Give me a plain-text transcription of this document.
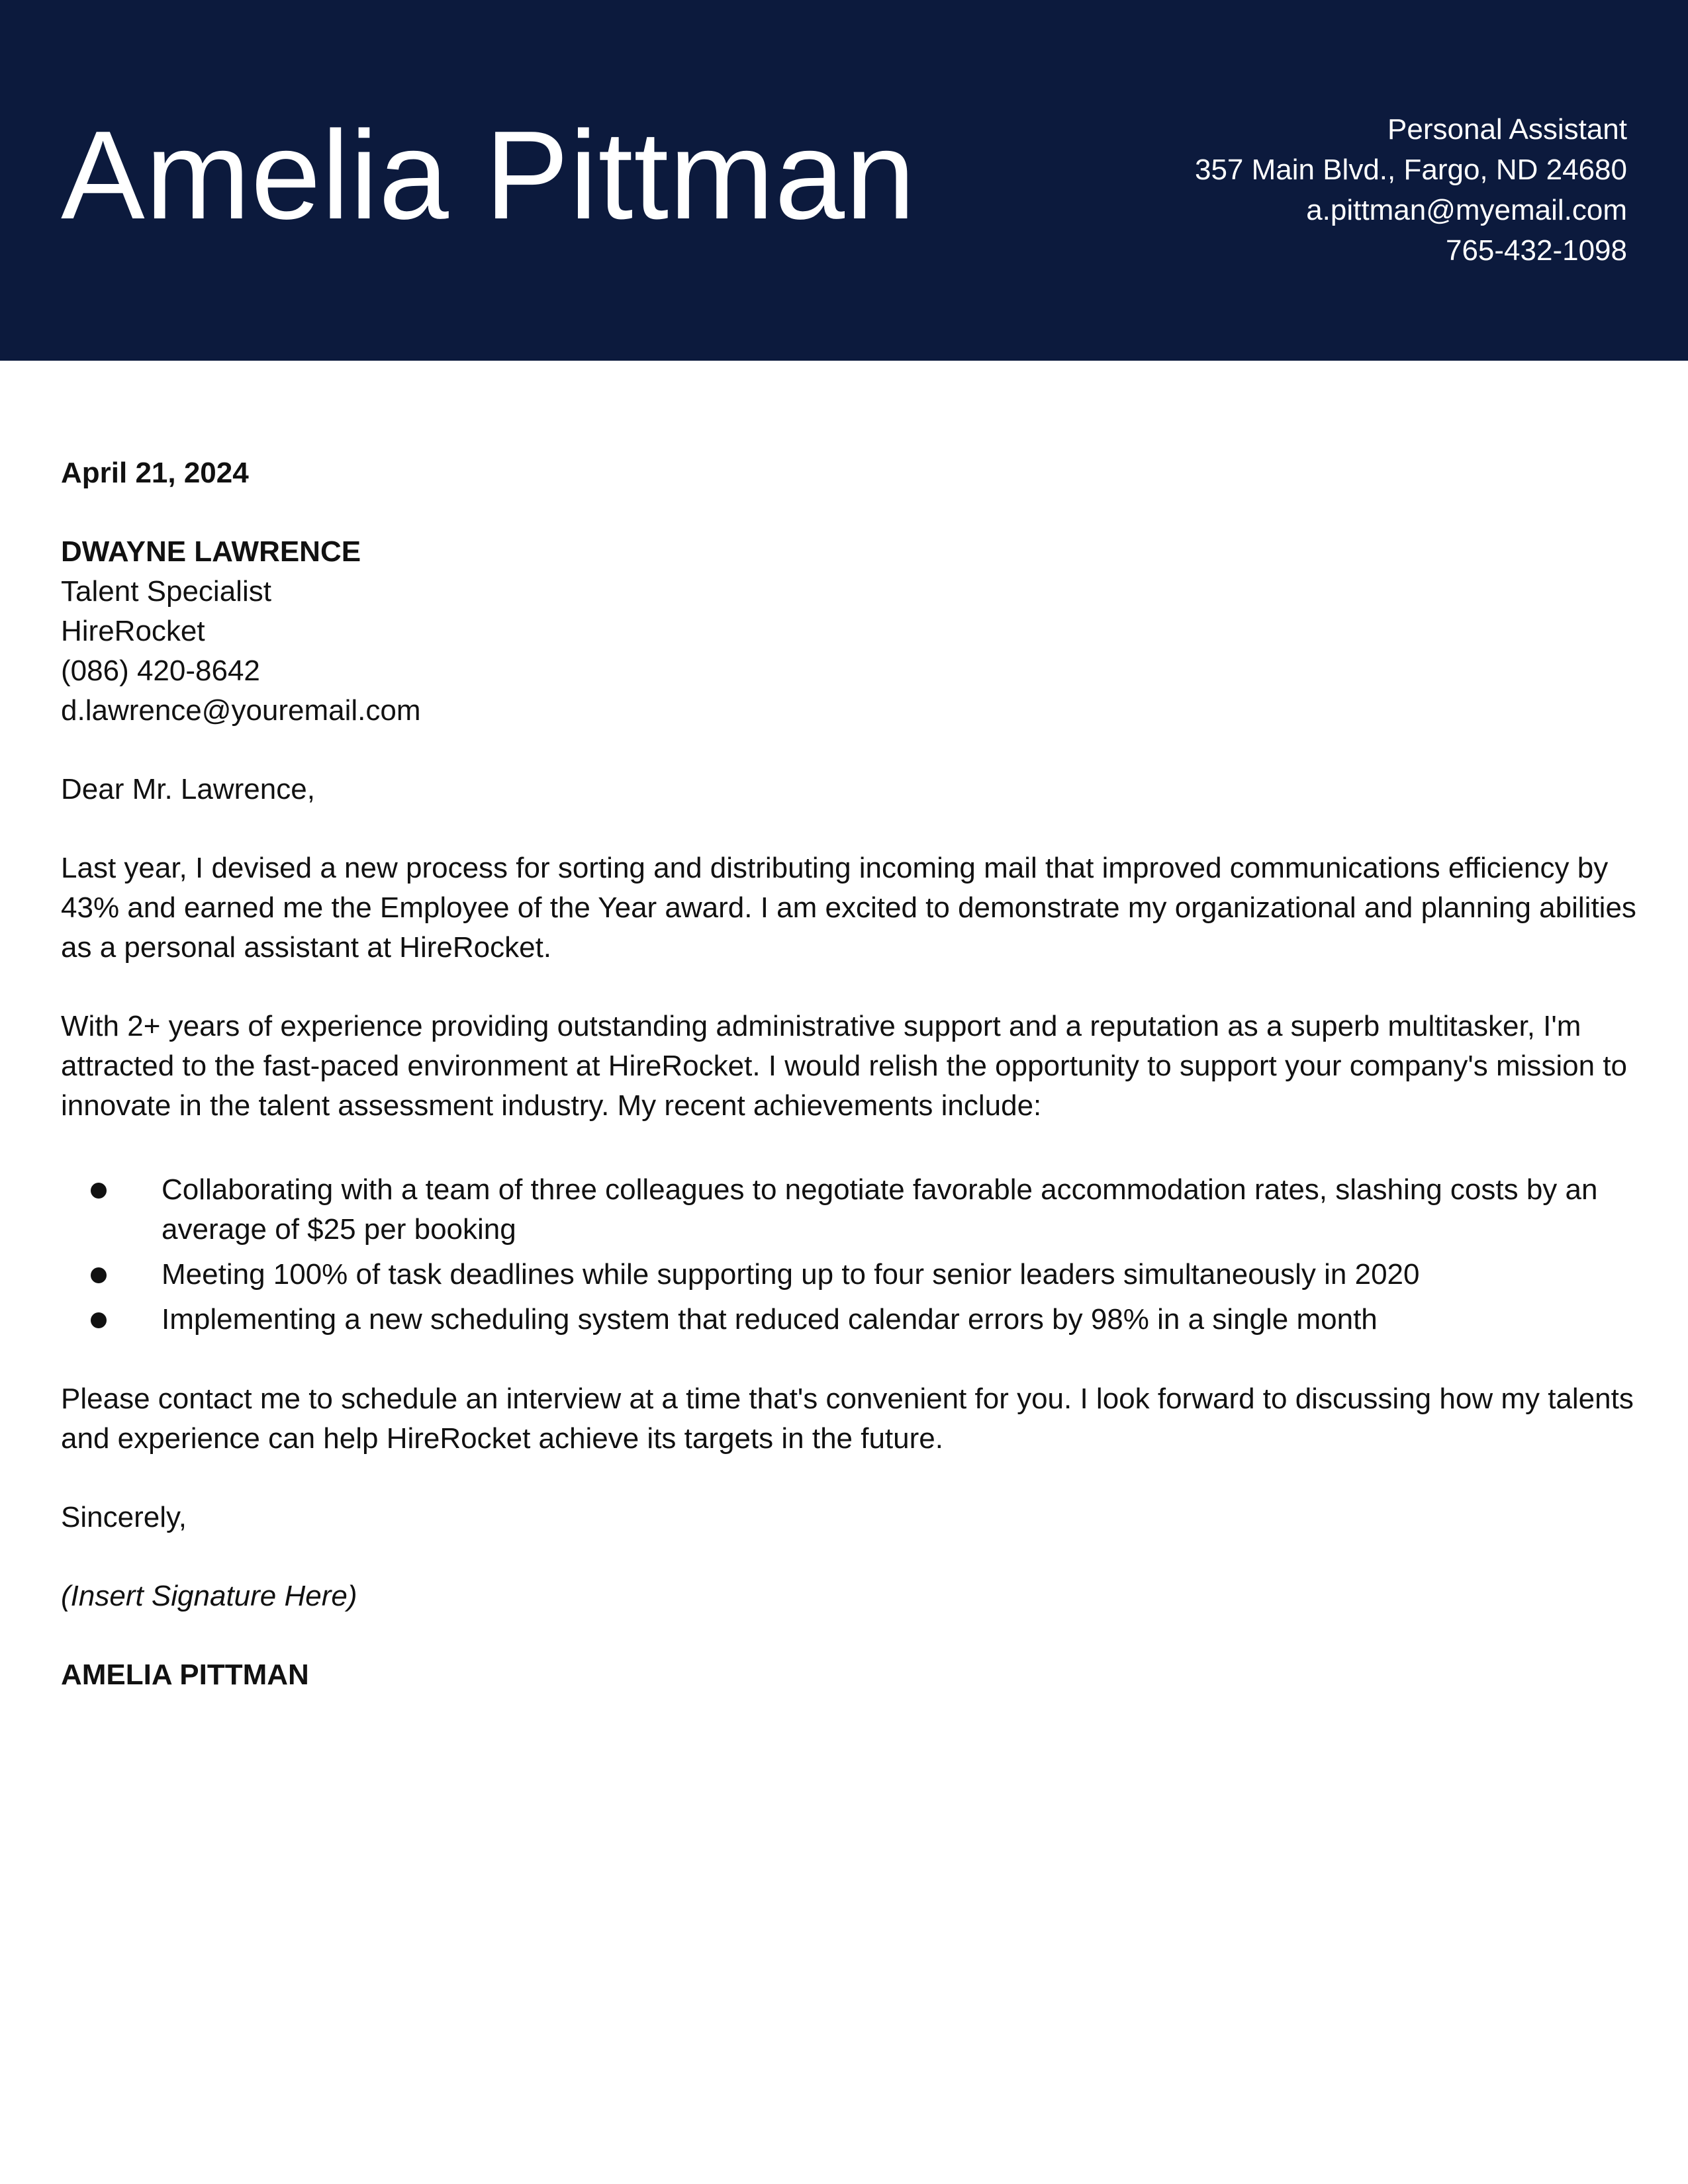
Amelia Pittman	Personal Assistant
357 Main Blvd., Fargo, ND 24680
a.pittman@myemail.com
765-432-1098

April 21, 2024

DWAYNE LAWRENCE

Talent Specialist

HireRocket

(086) 420-8642

d.lawrence@youremail.com

Dear Mr. Lawrence,

Last year, I devised a new process for sorting and distributing incoming mail that improved communications efficiency by 43% and earned me the Employee of the Year award. I am excited to demonstrate my organizational and planning abilities as a personal assistant at HireRocket.

With 2+ years of experience providing outstanding administrative support and a reputation as a superb multitasker, I'm attracted to the fast-paced environment at HireRocket. I would relish the opportunity to support your company's mission to innovate in the talent assessment industry. My recent achievements include:

Collaborating with a team of three colleagues to negotiate favorable accommodation rates, slashing costs by an average of $25 per booking
Meeting 100% of task deadlines while supporting up to four senior leaders simultaneously in 2020
Implementing a new scheduling system that reduced calendar errors by 98% in a single month

Please contact me to schedule an interview at a time that's convenient for you. I look forward to discussing how my talents and experience can help HireRocket achieve its targets in the future.

Sincerely,

(Insert Signature Here)

AMELIA PITTMAN
